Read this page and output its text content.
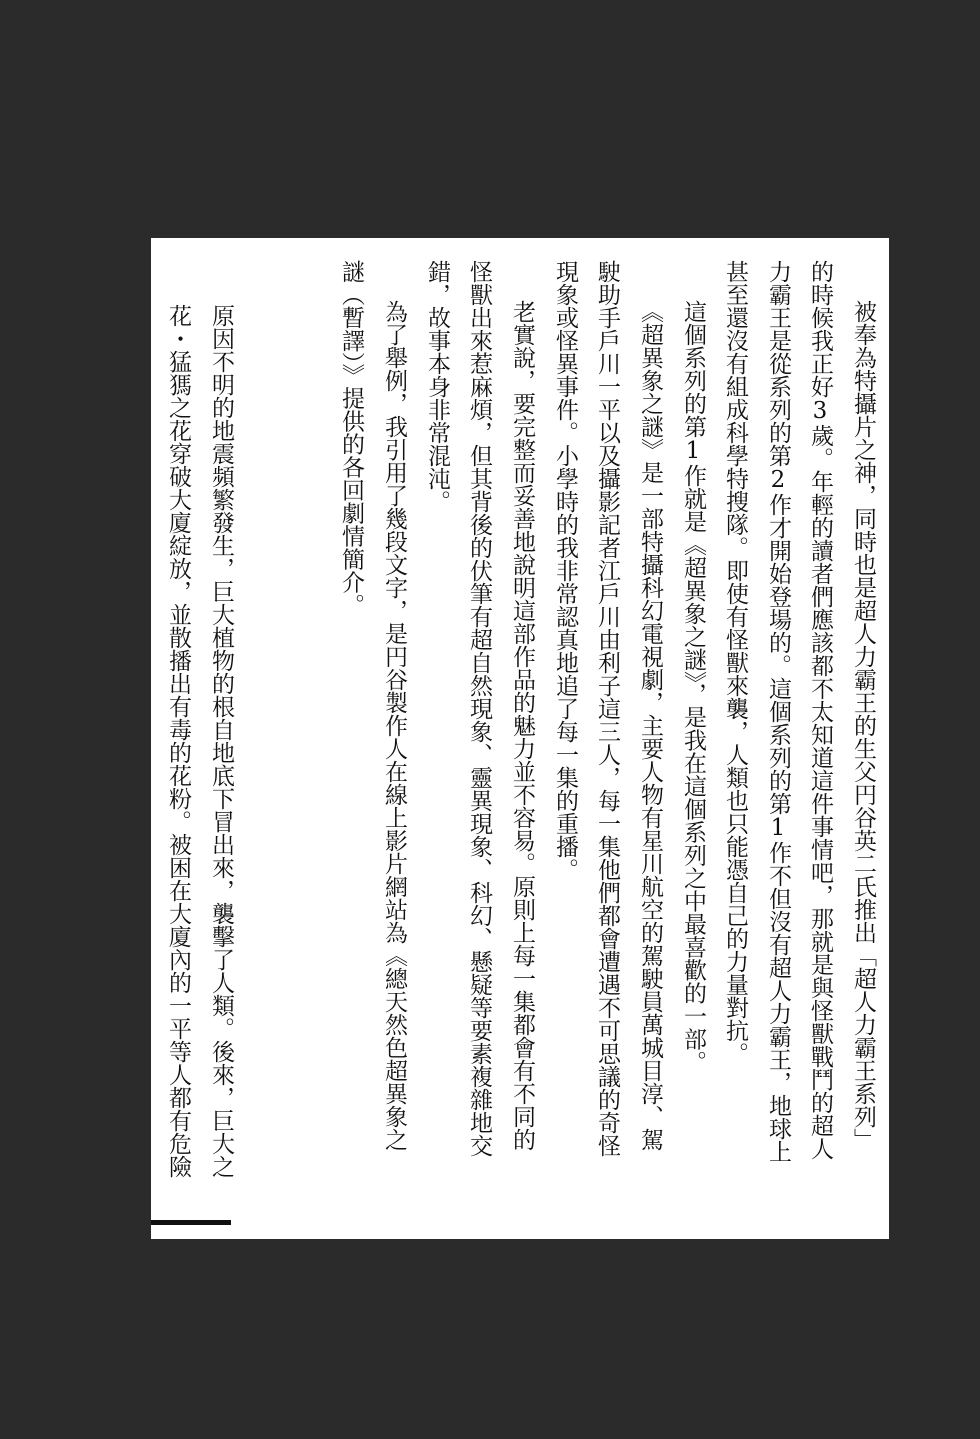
被奉為特攝片之神，同時也是超人力霸王的生父円谷英二氏推出「超人力霸王系列」
的時候我正好3歲。年輕的讀者們應該都不太知道這件事情吧，那就是與怪獸戰鬥的超人
力霸王是從系列的第2作才開始登場的。這個系列的第1作不但沒有超人力霸王，地球上
甚至還沒有組成科學特搜隊。即使有怪獸來襲，人類也只能憑自己的力量對抗。
這個系列的第1作就是《超異象之謎》，是我在這個系列之中最喜歡的一部。
《超異象之謎》是一部特攝科幻電視劇，主要人物有星川航空的駕駛員萬城目淳、駕
駛助手戶川一平以及攝影記者江戶川由利子這三人，每一集他們都會遭遇不可思議的奇怪
現象或怪異事件。小學時的我非常認真地追了每一集的重播。
老實說，要完整而妥善地說明這部作品的魅力並不容易。原則上每一集都會有不同的
怪獸出來惹麻煩，但其背後的伏筆有超自然現象、靈異現象、科幻、懸疑等要素複雜地交
錯，故事本身非常混沌。
為了舉例，我引用了幾段文字，是円谷製作人在線上影片網站為《總天然色超異象之
謎（暫譯）》提供的各回劇情簡介。
原因不明的地震頻繁發生，巨大植物的根自地底下冒出來，襲擊了人類。後來，巨大之
花・猛獁之花穿破大廈綻放，並散播出有毒的花粉。被困在大廈內的一平等人都有危險
